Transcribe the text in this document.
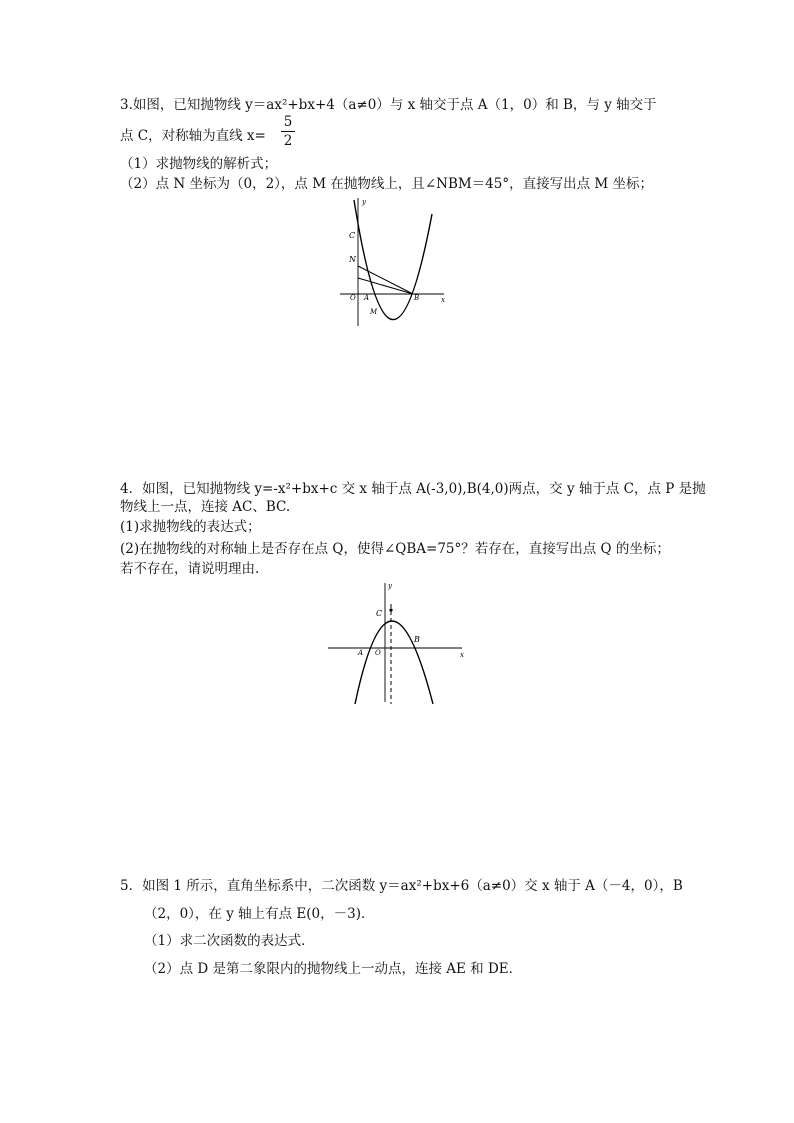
3.如图，已知抛物线 y＝ax²+bx+4（a≠0）与 x 轴交于点 A（1，0）和 B，与 y 轴交于
点 C，对称轴为直线 x=
5
2
（1）求抛物线的解析式；
（2）点 N 坐标为（0，2），点 M 在抛物线上，且∠NBM＝45°，直接写出点 M 坐标；
y
x
C
N
O A	B
M
4．如图，已知抛物线 y=-x²+bx+c 交 x 轴于点 A(-3,0),B(4,0)两点，交 y 轴于点 C，点 P 是抛
物线上一点，连接 AC、BC.
(1)求抛物线的表达式；
(2)在抛物线的对称轴上是否存在点 Q，使得∠QBA=75°？若存在，直接写出点 Q 的坐标；
若不存在，请说明理由.
y
x
C
A O
B
5．如图 1 所示，直角坐标系中，二次函数 y＝ax²+bx+6（a≠0）交 x 轴于 A（－4，0），B
（2，0），在 y 轴上有点 E(0，－3)．
（1）求二次函数的表达式．
（2）点 D 是第二象限内的抛物线上一动点，连接 AE 和 DE．
